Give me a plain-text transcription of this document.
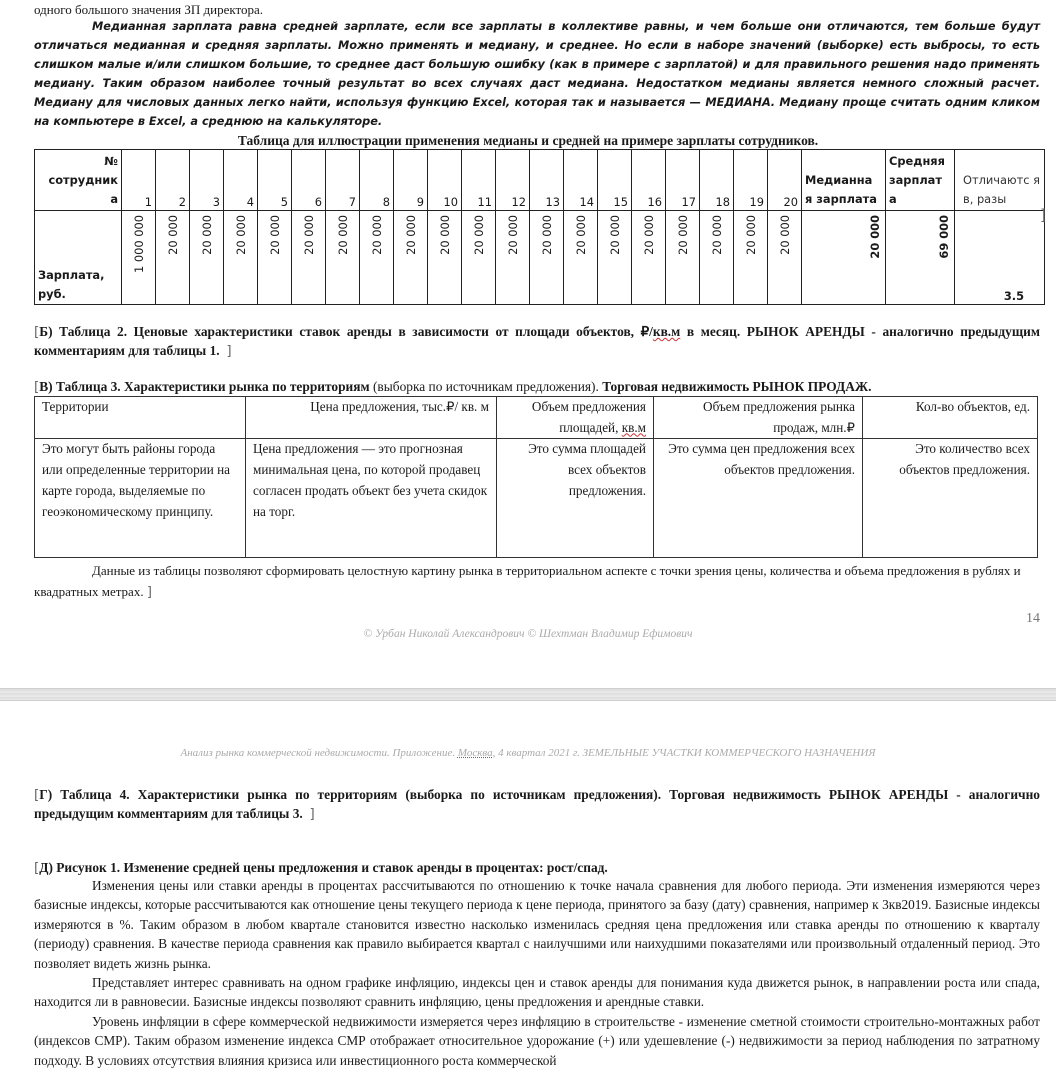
одного большого значения ЗП директора.

Медианная зарплата равна средней зарплате, если все зарплаты в коллективе равны, и чем больше они отличаются, тем больше будут отличаться медианная и средняя зарплаты. Можно применять и медиану, и среднее. Но если в наборе значений (выборке) есть выбросы, то есть слишком малые и/или слишком большие, то среднее даст большую ошибку (как в примере с зарплатой) и для правильного решения надо применять медиану. Таким образом наиболее точный результат во всех случаях даст медиана. Недостатком медианы является немного сложный расчет. Медиану для числовых данных легко найти, используя функцию Excel, которая так и называется — МЕДИАНА. Медиану проще считать одним кликом на компьютере в Excel, а среднюю на калькуляторе.

Таблица для иллюстрации применения медианы и средней на примере зарплаты сотрудников.
№ сотрудник а	1	2	3	4	5	6	7	8	9	10	11	12	13	14	15	16	17	18	19	20	Медианна я зарплата	Средняя зарплат а	Отличаютс я в, разы
Зарплата, руб.	1 000 000	20 000	20 000	20 000	20 000	20 000	20 000	20 000	20 000	20 000	20 000	20 000	20 000	20 000	20 000	20 000	20 000	20 000	20 000	20 000	20 000	69 000	3.5
]
[Б) Таблица 2. Ценовые характеристики ставок аренды в зависимости от площади объектов, ₽/кв.м в месяц. РЫНОК АРЕНДЫ - аналогично предыдущим комментариям для таблицы 1. ]
[В) Таблица 3. Характеристики рынка по территориям (выборка по источникам предложения). Торговая недвижимость РЫНОК ПРОДАЖ.
Территории	Цена предложения, тыс.₽/ кв. м	Объем предложения площадей, кв.м	Объем предложения рынка продаж, млн.₽	Кол-во объектов, ед.
Это могут быть районы города или определенные территории на карте города, выделяемые по геоэкономическому принципу.	Цена предложения — это прогнозная минимальная цена, по которой продавец согласен продать объект без учета скидок на торг.	Это сумма площадей всех объектов предложения.	Это сумма цен предложения всех объектов предложения.	Это количество всех объектов предложения.

Данные из таблицы позволяют сформировать целостную картину рынка в территориальном аспекте с точки зрения цены, количества и объема предложения в рублях и квадратных метрах. ]

14
© Урбан Николай Александрович © Шехтман Владимир Ефимович
Анализ рынка коммерческой недвижимости. Приложение. Москва, 4 квартал 2021 г. ЗЕМЕЛЬНЫЕ УЧАСТКИ КОММЕРЧЕСКОГО НАЗНАЧЕНИЯ
[Г) Таблица 4. Характеристики рынка по территориям (выборка по источникам предложения). Торговая недвижимость РЫНОК АРЕНДЫ - аналогично предыдущим комментариям для таблицы 3. ]
[Д) Рисунок 1. Изменение средней цены предложения и ставок аренды в процентах: рост/спад.

Изменения цены или ставки аренды в процентах рассчитываются по отношению к точке начала сравнения для любого периода. Эти изменения измеряются через базисные индексы, которые рассчитываются как отношение цены текущего периода к цене периода, принятого за базу (дату) сравнения, например к 3кв2019. Базисные индексы измеряются в %. Таким образом в любом квартале становится известно насколько изменилась средняя цена предложения или ставка аренды по отношению к кварталу (периоду) сравнения. В качестве периода сравнения как правило выбирается квартал с наилучшими или наихудшими показателями или произвольный отдаленный период. Это позволяет видеть жизнь рынка.

Представляет интерес сравнивать на одном графике инфляцию, индексы цен и ставок аренды для понимания куда движется рынок, в направлении роста или спада, находится ли в равновесии. Базисные индексы позволяют сравнить инфляцию, цены предложения и арендные ставки.

Уровень инфляции в сфере коммерческой недвижимости измеряется через инфляцию в строительстве - изменение сметной стоимости строительно-монтажных работ (индексов СМР). Таким образом изменение индекса СМР отображает относительное удорожание (+) или удешевление (-) недвижимости за период наблюдения по затратному подходу. В условиях отсутствия влияния кризиса или инвестиционного роста коммерческой
